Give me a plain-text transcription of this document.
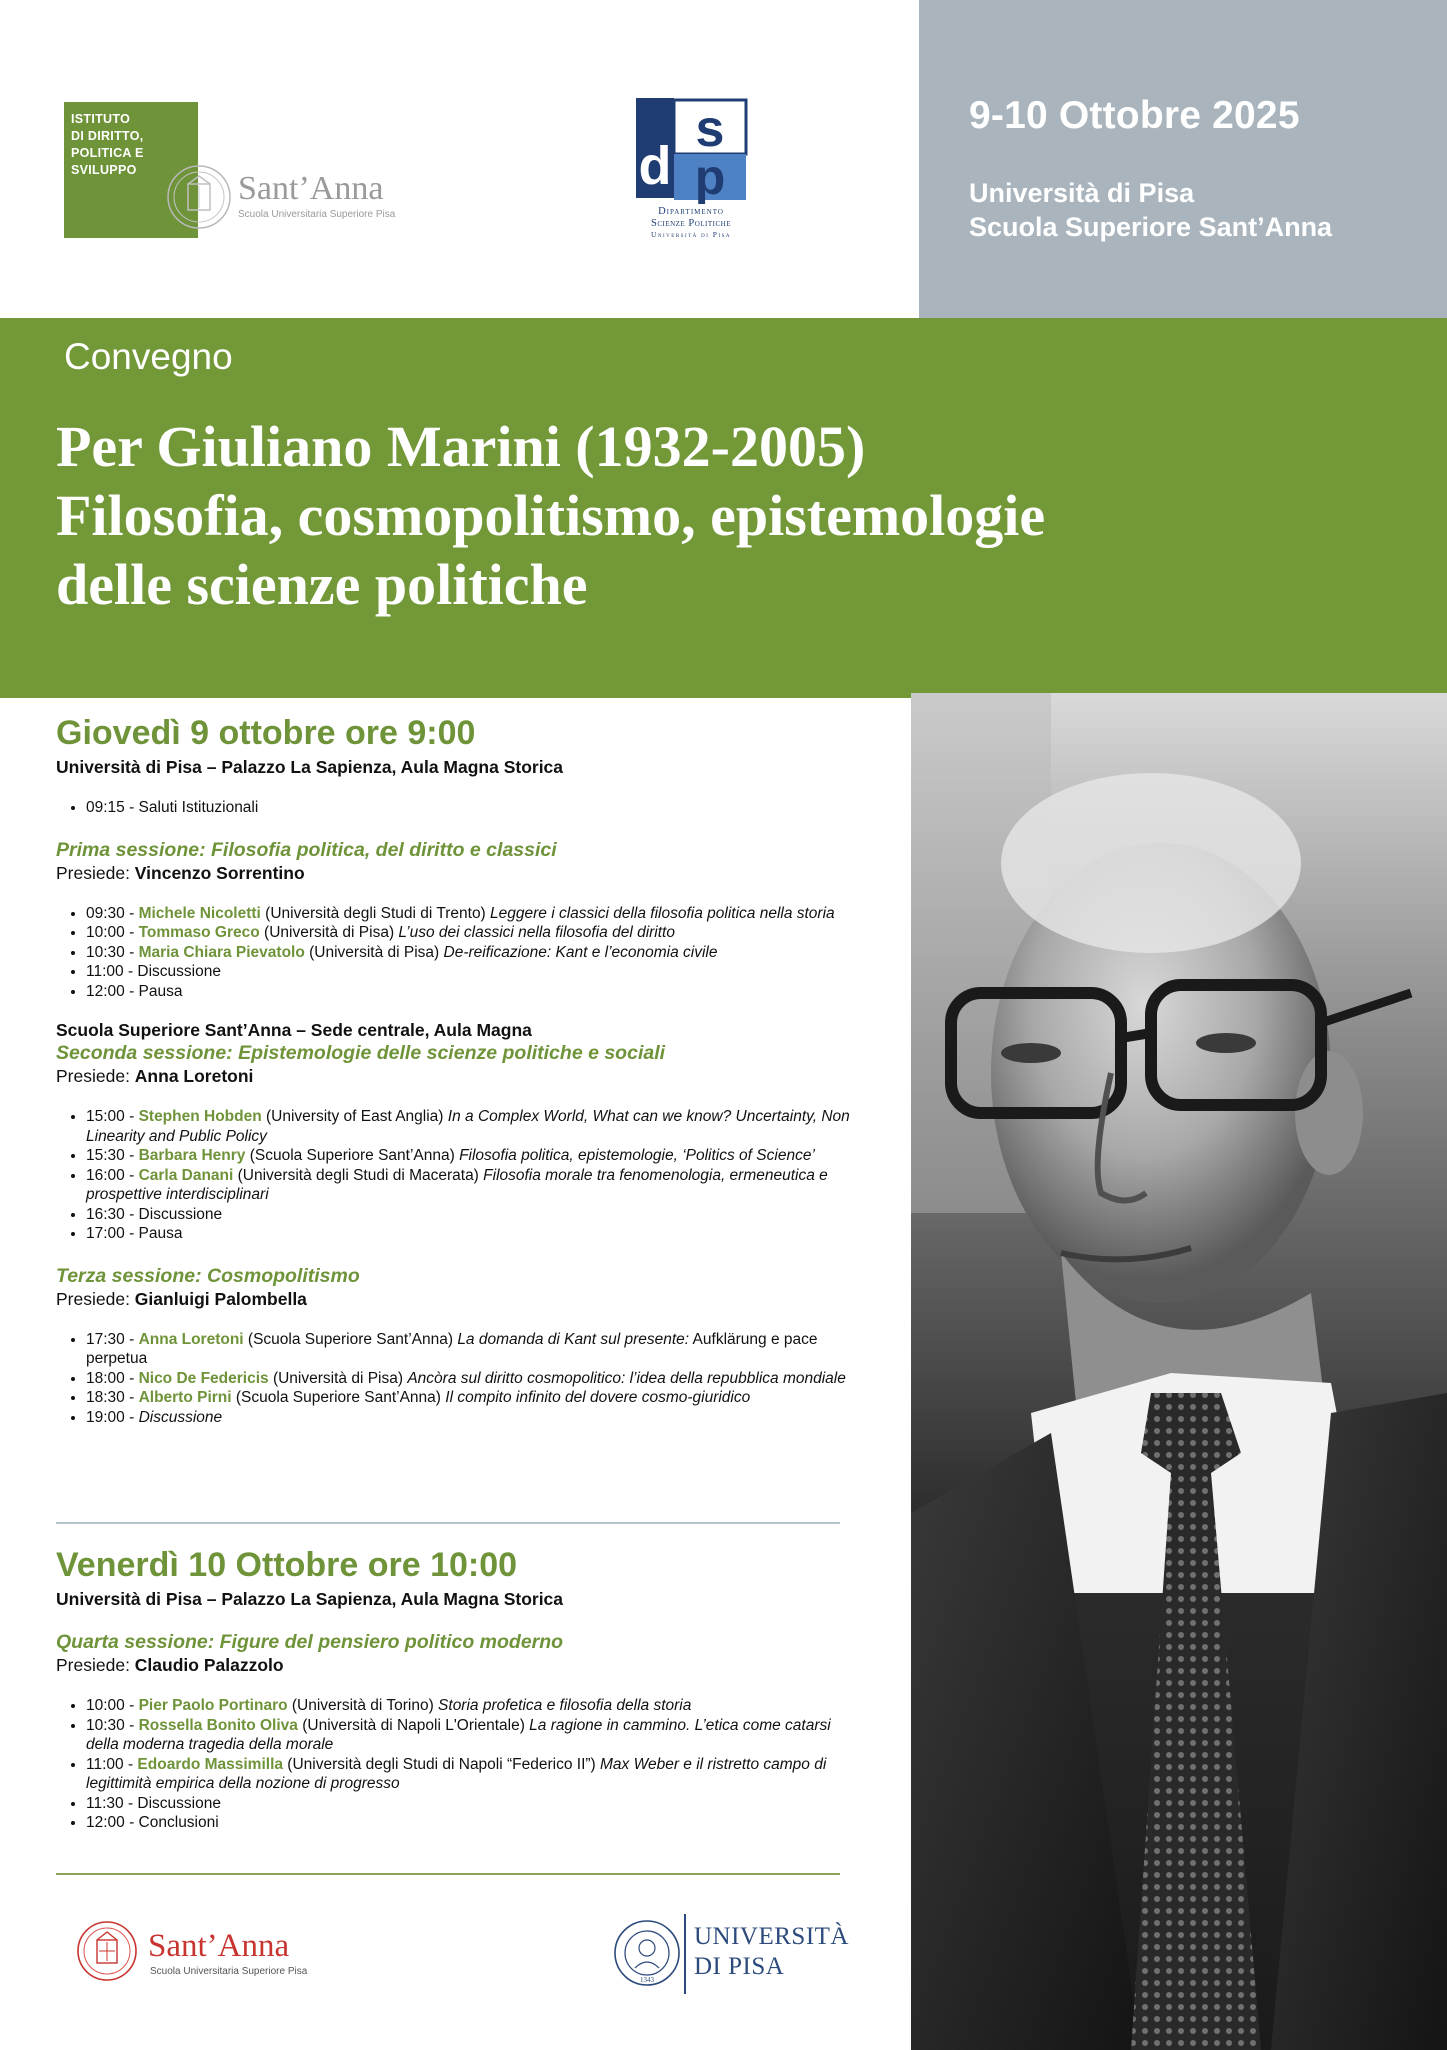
ISTITUTO
DI DIRITTO,
POLITICA E
SVILUPPO	Sant’Anna
Scuola Universitaria Superiore Pisa
d
s
p
Dipartimento
Scienze Politiche
Università di Pisa
9-10 Ottobre 2025
Università di Pisa
Scuola Superiore Sant’Anna
Convegno
Per Giuliano Marini (1932-2005)
Filosofia, cosmopolitismo, epistemologie
delle scienze politiche
Giovedì 9 ottobre ore 9:00
Università di Pisa – Palazzo La Sapienza, Aula Magna Storica
• 09:15 - Saluti Istituzionali
Prima sessione: Filosofia politica, del diritto e classici
Presiede: Vincenzo Sorrentino
• 09:30 - Michele Nicoletti (Università degli Studi di Trento) Leggere i classici della filosofia politica nella storia
• 10:00 - Tommaso Greco (Università di Pisa) L’uso dei classici nella filosofia del diritto
• 10:30 - Maria Chiara Pievatolo (Università di Pisa) De-reificazione: Kant e l’economia civile
• 11:00 - Discussione
• 12:00 - Pausa
Scuola Superiore Sant’Anna – Sede centrale, Aula Magna
Seconda sessione: Epistemologie delle scienze politiche e sociali
Presiede: Anna Loretoni
• 15:00 - Stephen Hobden (University of East Anglia) In a Complex World, What can we know? Uncertainty, Non Linearity and Public Policy
• 15:30 - Barbara Henry (Scuola Superiore Sant’Anna) Filosofia politica, epistemologie, ‘Politics of Science’
• 16:00 - Carla Danani (Università degli Studi di Macerata) Filosofia morale tra fenomenologia, ermeneutica e prospettive interdisciplinari
• 16:30 - Discussione
• 17:00 - Pausa
Terza sessione: Cosmopolitismo
Presiede: Gianluigi Palombella
• 17:30 - Anna Loretoni (Scuola Superiore Sant’Anna) La domanda di Kant sul presente: Aufklärung e pace perpetua
• 18:00 - Nico De Federicis (Università di Pisa) Ancòra sul diritto cosmopolitico: l’idea della repubblica mondiale
• 18:30 - Alberto Pirni (Scuola Superiore Sant’Anna) Il compito infinito del dovere cosmo-giuridico
• 19:00 - Discussione
Venerdì 10 Ottobre ore 10:00
Università di Pisa – Palazzo La Sapienza, Aula Magna Storica
Quarta sessione: Figure del pensiero politico moderno
Presiede: Claudio Palazzolo
• 10:00 - Pier Paolo Portinaro (Università di Torino) Storia profetica e filosofia della storia
• 10:30 - Rossella Bonito Oliva (Università di Napoli L'Orientale) La ragione in cammino. L’etica come catarsi della moderna tragedia della morale
• 11:00 - Edoardo Massimilla (Università degli Studi di Napoli “Federico II”) Max Weber e il ristretto campo di legittimità empirica della nozione di progresso
• 11:30 - Discussione
• 12:00 - Conclusioni
Sant’Anna
Scuola Universitaria Superiore Pisa
1343
UNIVERSITÀ
DI PISA
